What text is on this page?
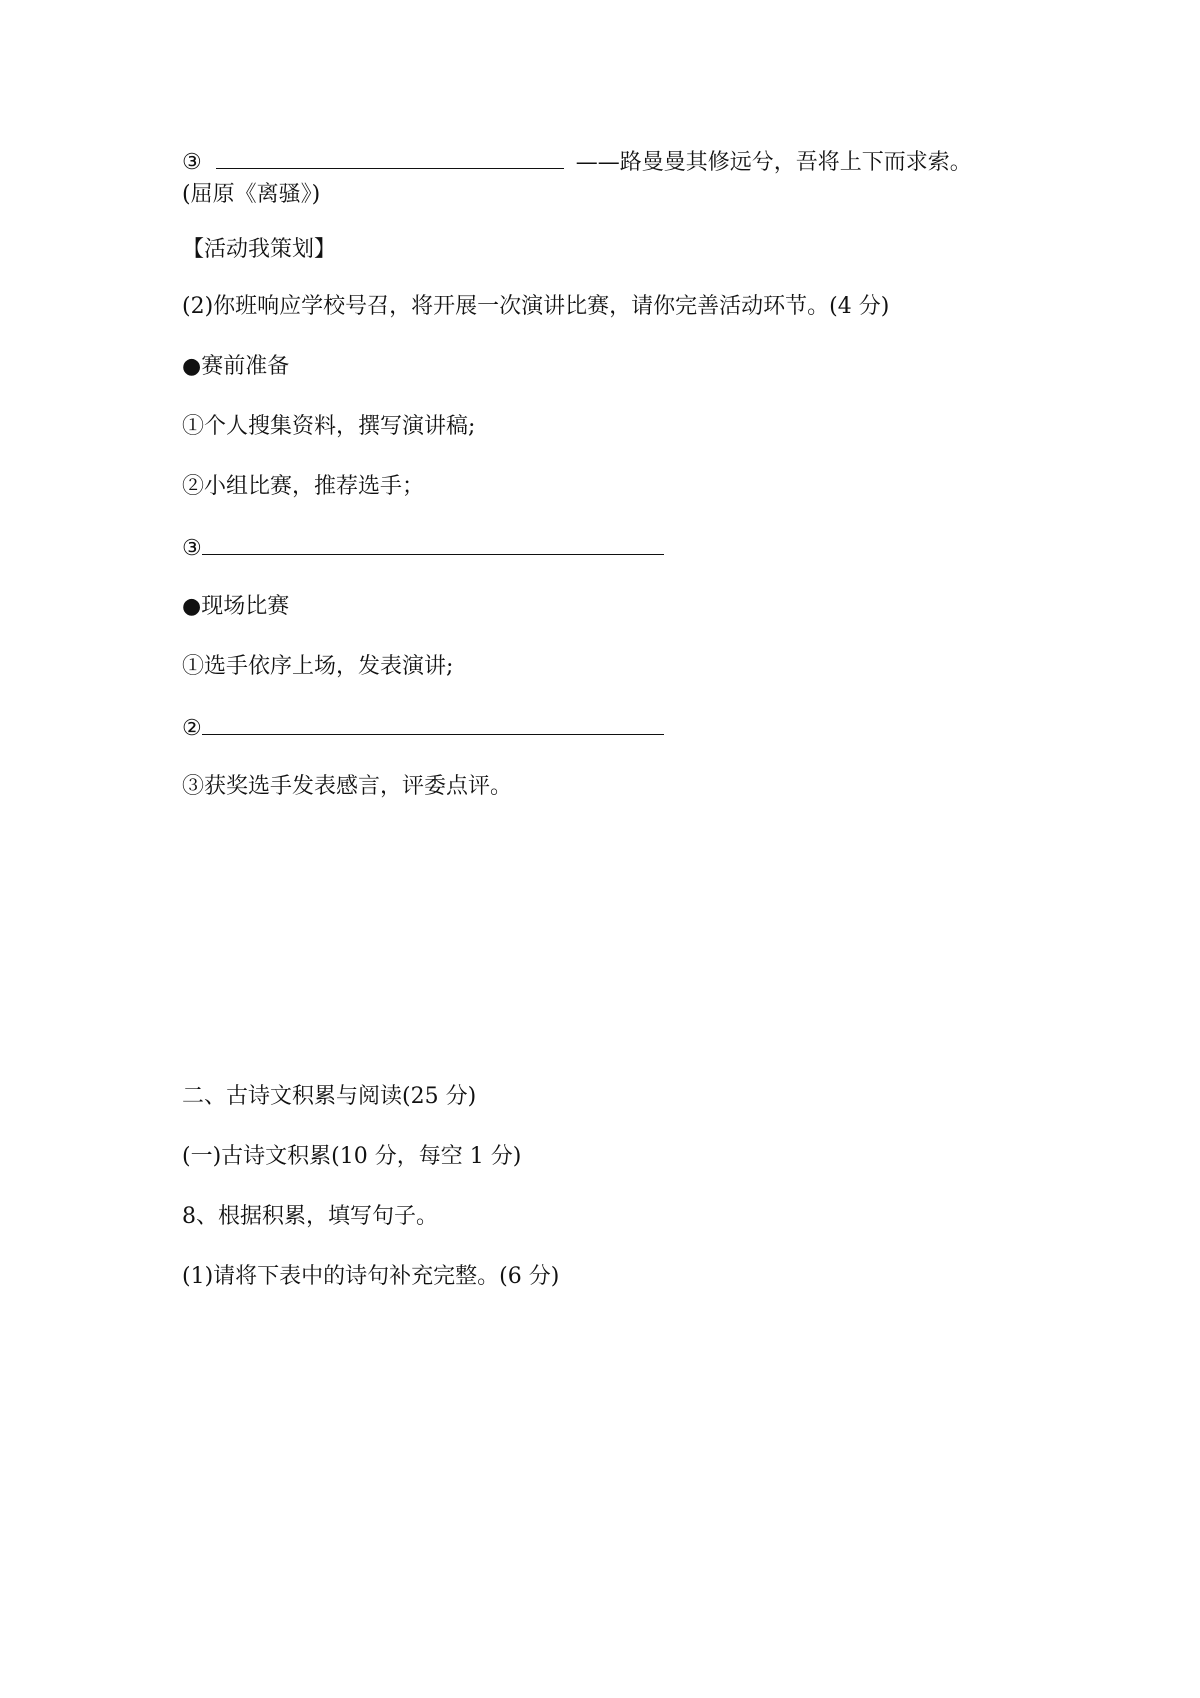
③	——路曼曼其修远兮，吾将上下而求索。
(屈原《离骚》)
【活动我策划】
(2)你班响应学校号召，将开展一次演讲比赛，请你完善活动环节。(4 分)
●赛前准备
①个人搜集资料，撰写演讲稿;
②小组比赛，推荐选手；
③
●现场比赛
①选手依序上场，发表演讲;
②
③获奖选手发表感言，评委点评。
二、古诗文积累与阅读(25 分)
(一)古诗文积累(10 分，每空 1 分)
8、根据积累，填写句子。
(1)请将下表中的诗句补充完整。(6 分)
